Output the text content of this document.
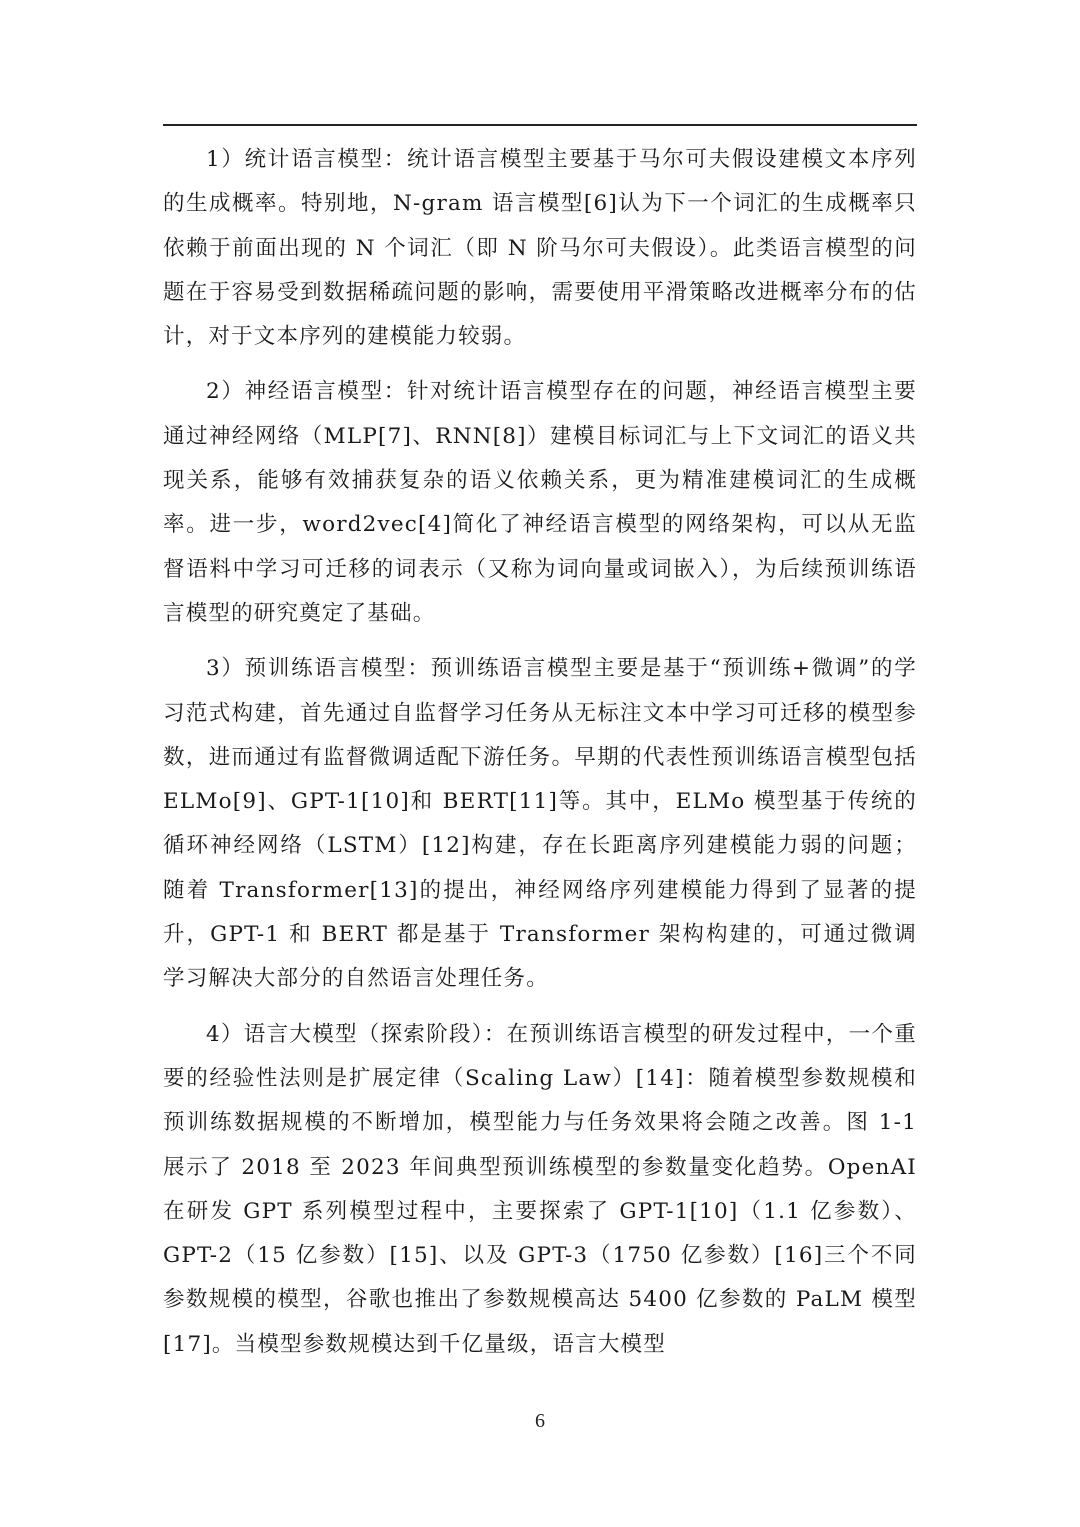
1）统计语言模型：统计语言模型主要基于马尔可夫假设建模文本序列的生成概率。特别地，N-gram 语言模型[6]认为下一个词汇的生成概率只依赖于前面出现的 N 个词汇（即 N 阶马尔可夫假设）。此类语言模型的问题在于容易受到数据稀疏问题的影响，需要使用平滑策略改进概率分布的估计，对于文本序列的建模能力较弱。

2）神经语言模型：针对统计语言模型存在的问题，神经语言模型主要通过神经网络（MLP[7]、RNN[8]）建模目标词汇与上下文词汇的语义共现关系，能够有效捕获复杂的语义依赖关系，更为精准建模词汇的生成概率。进一步，word2vec[4]简化了神经语言模型的网络架构，可以从无监督语料中学习可迁移的词表示（又称为词向量或词嵌入），为后续预训练语言模型的研究奠定了基础。

3）预训练语言模型：预训练语言模型主要是基于“预训练+微调”的学习范式构建，首先通过自监督学习任务从无标注文本中学习可迁移的模型参数，进而通过有监督微调适配下游任务。早期的代表性预训练语言模型包括 ELMo[9]、GPT-1[10]和 BERT[11]等。其中，ELMo 模型基于传统的循环神经网络（LSTM）[12]构建，存在长距离序列建模能力弱的问题；随着 Transformer[13]的提出，神经网络序列建模能力得到了显著的提升，GPT-1 和 BERT 都是基于 Transformer 架构构建的，可通过微调学习解决大部分的自然语言处理任务。

4）语言大模型（探索阶段）：在预训练语言模型的研发过程中，一个重要的经验性法则是扩展定律（Scaling Law）[14]：随着模型参数规模和预训练数据规模的不断增加，模型能力与任务效果将会随之改善。图 1-1 展示了 2018 至 2023 年间典型预训练模型的参数量变化趋势。OpenAI 在研发 GPT 系列模型过程中，主要探索了 GPT-1[10]（1.1 亿参数）、GPT-2（15 亿参数）[15]、以及 GPT-3（1750 亿参数）[16]三个不同参数规模的模型，谷歌也推出了参数规模高达 5400 亿参数的 PaLM 模型[17]。当模型参数规模达到千亿量级，语言大模型

6
